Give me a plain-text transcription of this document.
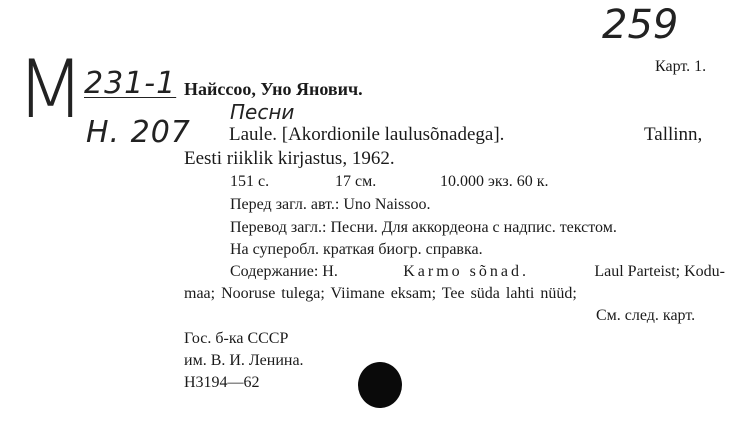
259
Карт. 1.
M
231-1
H. 207
Найссоо, Уно Янович.
Песни
Laule. [Akordionile laulusõnadega].	Tallinn,
Eesti riiklik kirjastus, 1962.
151 с.	17 см.	10.000 экз. 60 к.
Перед загл. авт.: Uno Naissoo.
Перевод загл.: Песни. Для аккордеона с надпис. текстом.
На суперобл. краткая биогр. справка.
Содержание: Н.	Karmo sõnad.	Laul Parteist; Kodu-
maa; Nooruse tulega; Viimane eksam; Tee süda lahti nüüd;
См. след. карт.
Гос. б-ка СССР
им. В. И. Ленина.
Н3194—62
